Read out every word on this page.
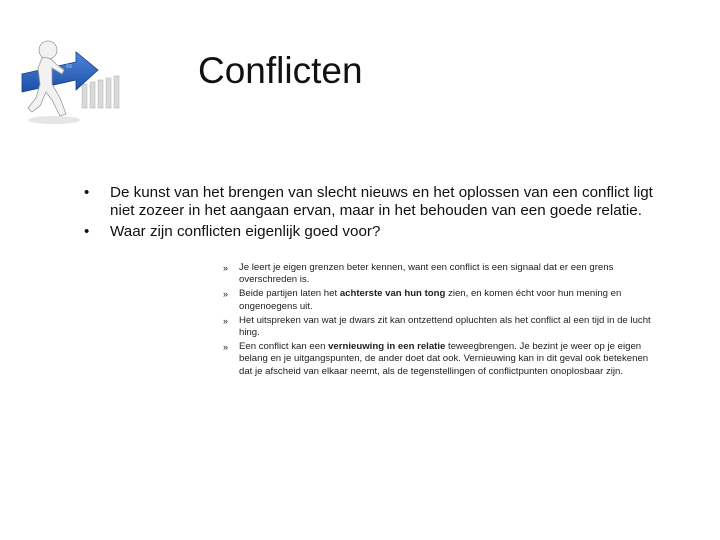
Conflicten
• De kunst van het brengen van slecht nieuws en het oplossen van een conflict ligt niet zozeer in het aangaan ervan, maar in het behouden van een goede relatie.
• Waar zijn conflicten eigenlijk goed voor?
» Je leert je eigen grenzen beter kennen, want een conflict is een signaal dat er een grens overschreden is.
» Beide partijen laten het achterste van hun tong zien, en komen écht voor hun mening en ongenoegens uit.
» Het uitspreken van wat je dwars zit kan ontzettend opluchten als het conflict al een tijd in de lucht hing.
» Een conflict kan een vernieuwing in een relatie teweegbrengen. Je bezint je weer op je eigen belang en je uitgangspunten, de ander doet dat ook. Vernieuwing kan in dit geval ook betekenen dat je afscheid van elkaar neemt, als de tegenstellingen of conflictpunten onoplosbaar zijn.
